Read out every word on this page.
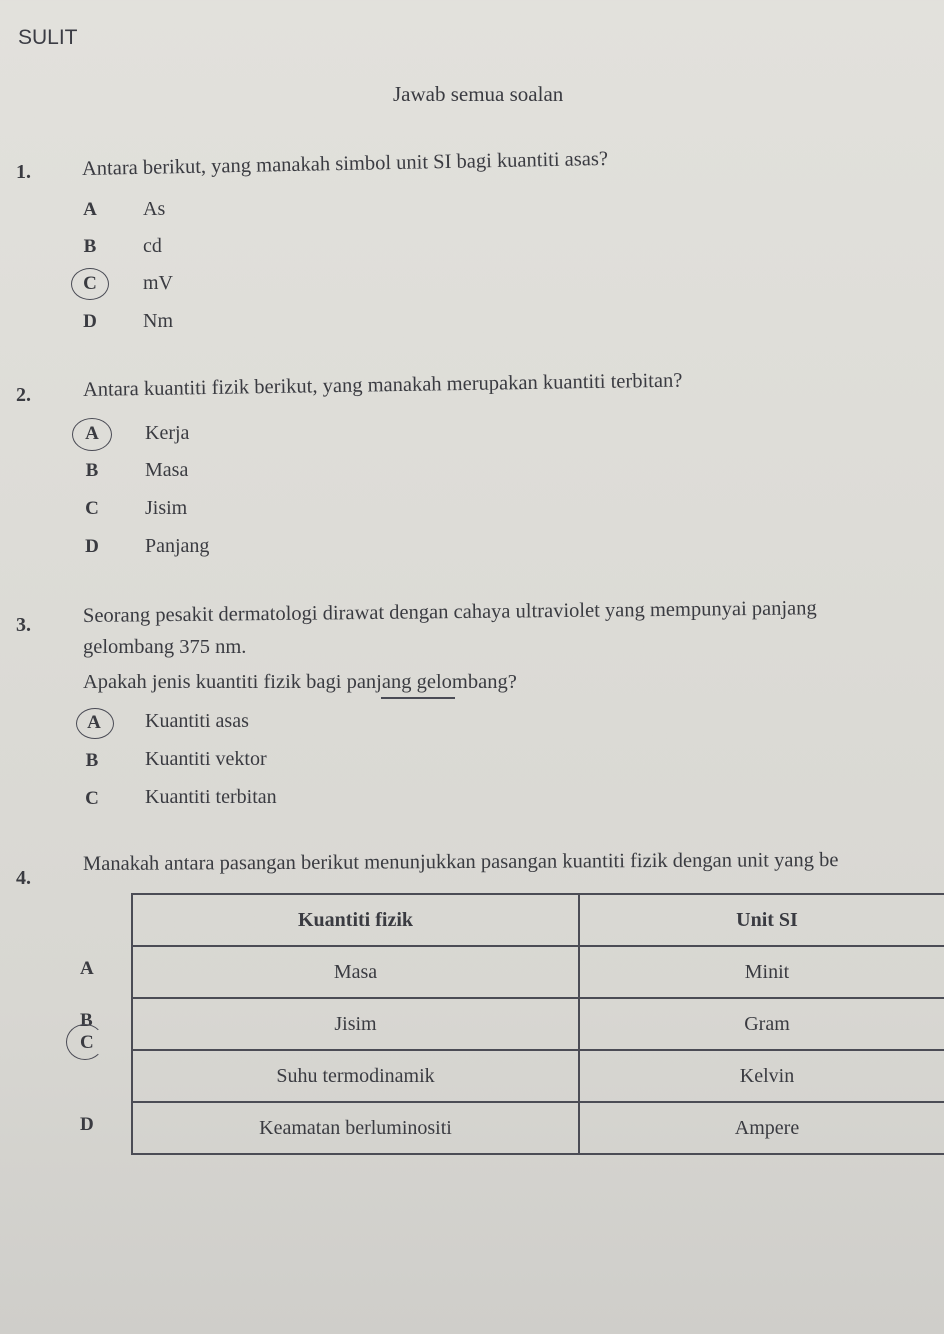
SULIT
Jawab semua soalan
1. Antara berikut, yang manakah simbol unit SI bagi kuantiti asas?
A As
B cd
C mV
D Nm
2.	Antara kuantiti fizik berikut, yang manakah merupakan kuantiti terbitan?
A Kerja
B Masa
C Jisim
D Panjang
3.	Seorang pesakit dermatologi dirawat dengan cahaya ultraviolet yang mempunyai panjang
gelombang 375 nm.
Apakah jenis kuantiti fizik bagi panjang gelombang?
A Kuantiti asas
B Kuantiti vektor
C Kuantiti terbitan
4.
Manakah antara pasangan berikut menunjukkan pasangan kuantiti fizik dengan unit yang be
Kuantiti fizik	Unit SI
Masa	Minit
Jisim	Gram
Suhu termodinamik	Kelvin
Keamatan berluminositi	Ampere
A
B
C
D
